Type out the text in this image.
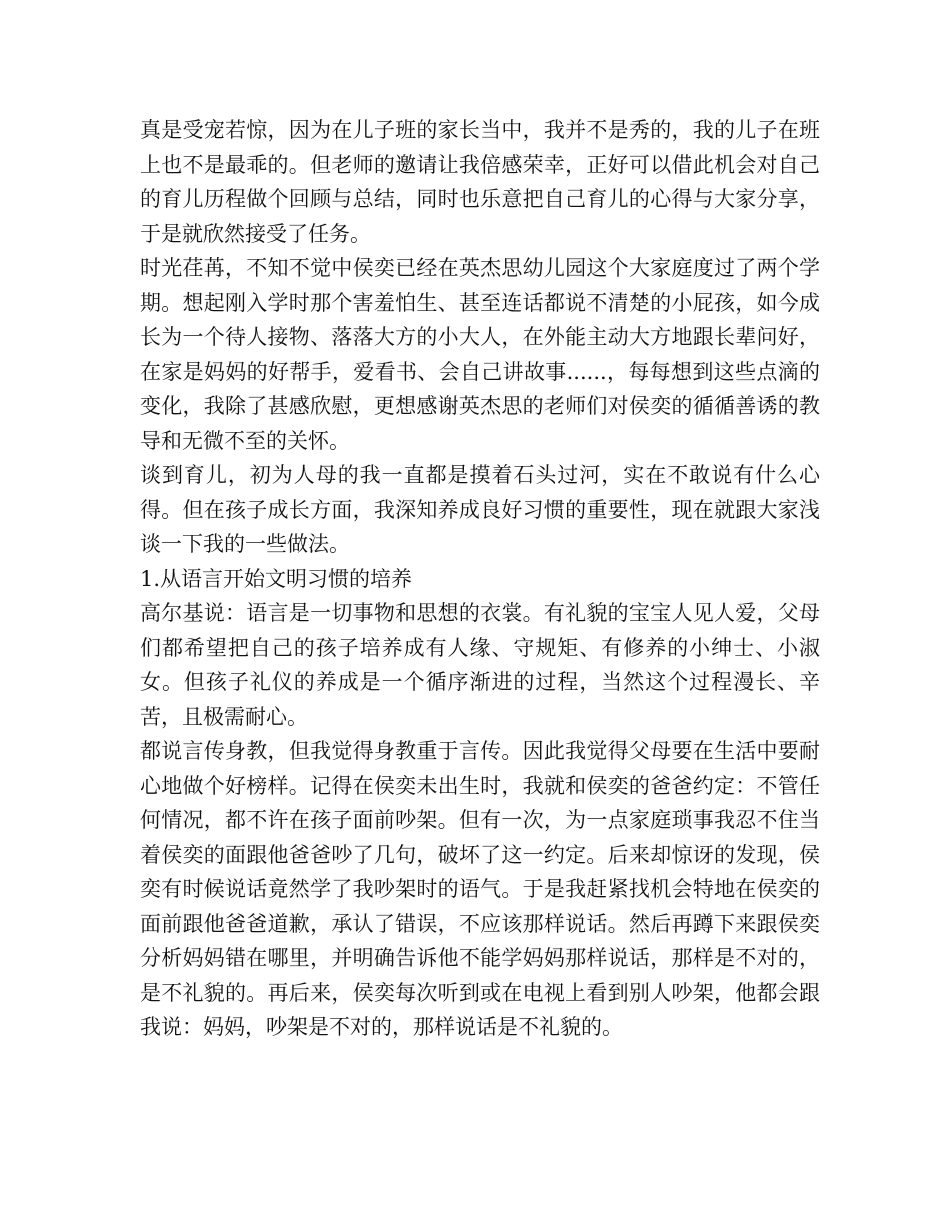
真是受宠若惊，因为在儿子班的家长当中，我并不是秀的，我的儿子在班上也不是最乖的。但老师的邀请让我倍感荣幸，正好可以借此机会对自己的育儿历程做个回顾与总结，同时也乐意把自己育儿的心得与大家分享，于是就欣然接受了任务。

时光荏苒，不知不觉中侯奕已经在英杰思幼儿园这个大家庭度过了两个学期。想起刚入学时那个害羞怕生、甚至连话都说不清楚的小屁孩，如今成长为一个待人接物、落落大方的小大人，在外能主动大方地跟长辈问好，在家是妈妈的好帮手，爱看书、会自己讲故事......，每每想到这些点滴的变化，我除了甚感欣慰，更想感谢英杰思的老师们对侯奕的循循善诱的教导和无微不至的关怀。

谈到育儿，初为人母的我一直都是摸着石头过河，实在不敢说有什么心得。但在孩子成长方面，我深知养成良好习惯的重要性，现在就跟大家浅谈一下我的一些做法。

1.从语言开始文明习惯的培养

高尔基说：语言是一切事物和思想的衣裳。有礼貌的宝宝人见人爱，父母们都希望把自己的孩子培养成有人缘、守规矩、有修养的小绅士、小淑女。但孩子礼仪的养成是一个循序渐进的过程，当然这个过程漫长、辛苦，且极需耐心。

都说言传身教，但我觉得身教重于言传。因此我觉得父母要在生活中要耐心地做个好榜样。记得在侯奕未出生时，我就和侯奕的爸爸约定：不管任何情况，都不许在孩子面前吵架。但有一次，为一点家庭琐事我忍不住当着侯奕的面跟他爸爸吵了几句，破坏了这一约定。后来却惊讶的发现，侯奕有时候说话竟然学了我吵架时的语气。于是我赶紧找机会特地在侯奕的面前跟他爸爸道歉，承认了错误，不应该那样说话。然后再蹲下来跟侯奕分析妈妈错在哪里，并明确告诉他不能学妈妈那样说话，那样是不对的，是不礼貌的。再后来，侯奕每次听到或在电视上看到别人吵架，他都会跟我说：妈妈，吵架是不对的，那样说话是不礼貌的。
